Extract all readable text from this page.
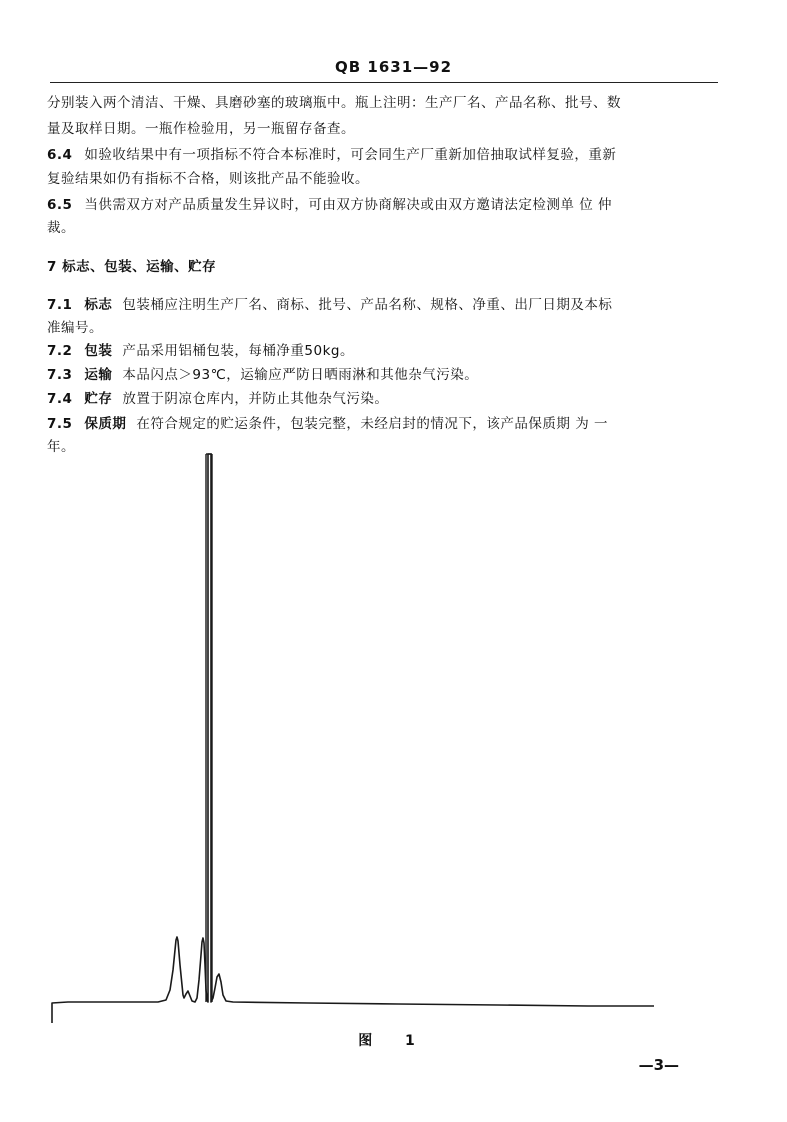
QB 1631—92
分别装入两个清洁、干燥、具磨砂塞的玻璃瓶中。瓶上注明：生产厂名、产品名称、批号、数
量及取样日期。一瓶作检验用，另一瓶留存备查。
6.4 如验收结果中有一项指标不符合本标准时，可会同生产厂重新加倍抽取试样复验，重新
复验结果如仍有指标不合格，则该批产品不能验收。
6.5 当供需双方对产品质量发生异议时，可由双方协商解决或由双方邀请法定检测单 位 仲
裁。
7 标志、包装、运输、贮存
7.1 标志 包装桶应注明生产厂名、商标、批号、产品名称、规格、净重、出厂日期及本标
准编号。
7.2 包装 产品采用铝桶包装，每桶净重50kg。
7.3 运输 本品闪点＞93℃，运输应严防日晒雨淋和其他杂气污染。
7.4 贮存 放置于阴凉仓库内，并防止其他杂气污染。
7.5 保质期 在符合规定的贮运条件，包装完整，未经启封的情况下，该产品保质期 为 一
年。
图 1
—3—
